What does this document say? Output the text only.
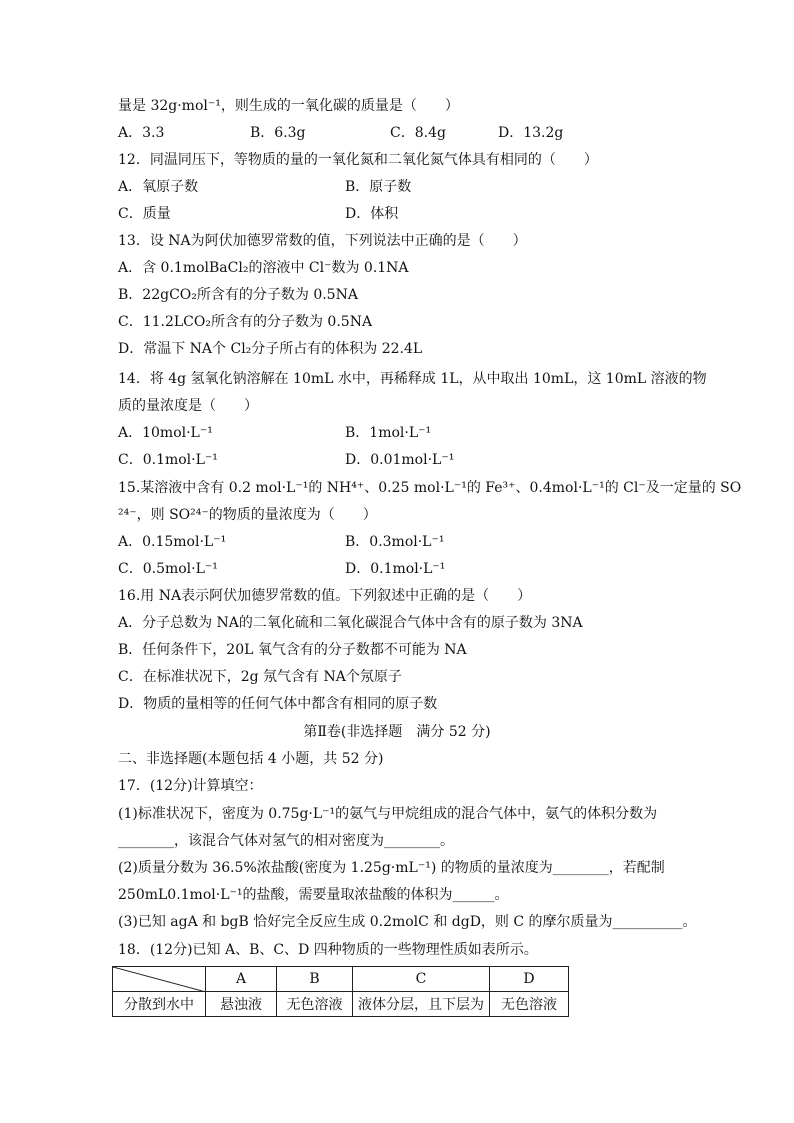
量是 32g·mol⁻¹，则生成的一氧化碳的质量是（　　）
A．3.3	B．6.3g	C．8.4g	D．13.2g
12．同温同压下，等物质的量的一氧化氮和二氧化氮气体具有相同的（　　）
A．氧原子数	B．原子数
C．质量	D．体积
13．设 NA为阿伏加德罗常数的值，下列说法中正确的是（　　）
A．含 0.1molBaCl₂的溶液中 Cl⁻数为 0.1NA
B．22gCO₂所含有的分子数为 0.5NA
C．11.2LCO₂所含有的分子数为 0.5NA
D．常温下 NA个 Cl₂分子所占有的体积为 22.4L
14．将 4g 氢氧化钠溶解在 10mL 水中，再稀释成 1L，从中取出 10mL，这 10mL 溶液的物
质的量浓度是（　　）
A．10mol·L⁻¹	B．1mol·L⁻¹
C．0.1mol·L⁻¹	D．0.01mol·L⁻¹
15.某溶液中含有 0.2 mol·L⁻¹的 NH⁴⁺、0.25 mol·L⁻¹的 Fe³⁺、0.4mol·L⁻¹的 Cl⁻及一定量的 SO
²⁴⁻，则 SO²⁴⁻的物质的量浓度为（　　）
A．0.15mol·L⁻¹	B．0.3mol·L⁻¹
C．0.5mol·L⁻¹	D．0.1mol·L⁻¹
16.用 NA表示阿伏加德罗常数的值。下列叙述中正确的是（　　）
A．分子总数为 NA的二氧化硫和二氧化碳混合气体中含有的原子数为 3NA
B．任何条件下，20L 氧气含有的分子数都不可能为 NA
C．在标准状况下，2g 氖气含有 NA个氖原子
D．物质的量相等的任何气体中都含有相同的原子数
第Ⅱ卷(非选择题　满分 52 分)
二、非选择题(本题包括 4 小题，共 52 分)
17．(12分)计算填空：
(1)标准状况下，密度为 0.75g·L⁻¹的氨气与甲烷组成的混合气体中，氨气的体积分数为
________，该混合气体对氢气的相对密度为________。
(2)质量分数为 36.5%浓盐酸(密度为 1.25g·mL⁻¹) 的物质的量浓度为________，若配制
250mL0.1mol·L⁻¹的盐酸，需要量取浓盐酸的体积为______。
(3)已知 agA 和 bgB 恰好完全反应生成 0.2molC 和 dgD，则 C 的摩尔质量为__________。
18．(12分)已知 A、B、C、D 四种物质的一些物理性质如表所示。
	A	B	C	D
分散到水中	悬浊液	无色溶液	液体分层，且下层为	无色溶液
